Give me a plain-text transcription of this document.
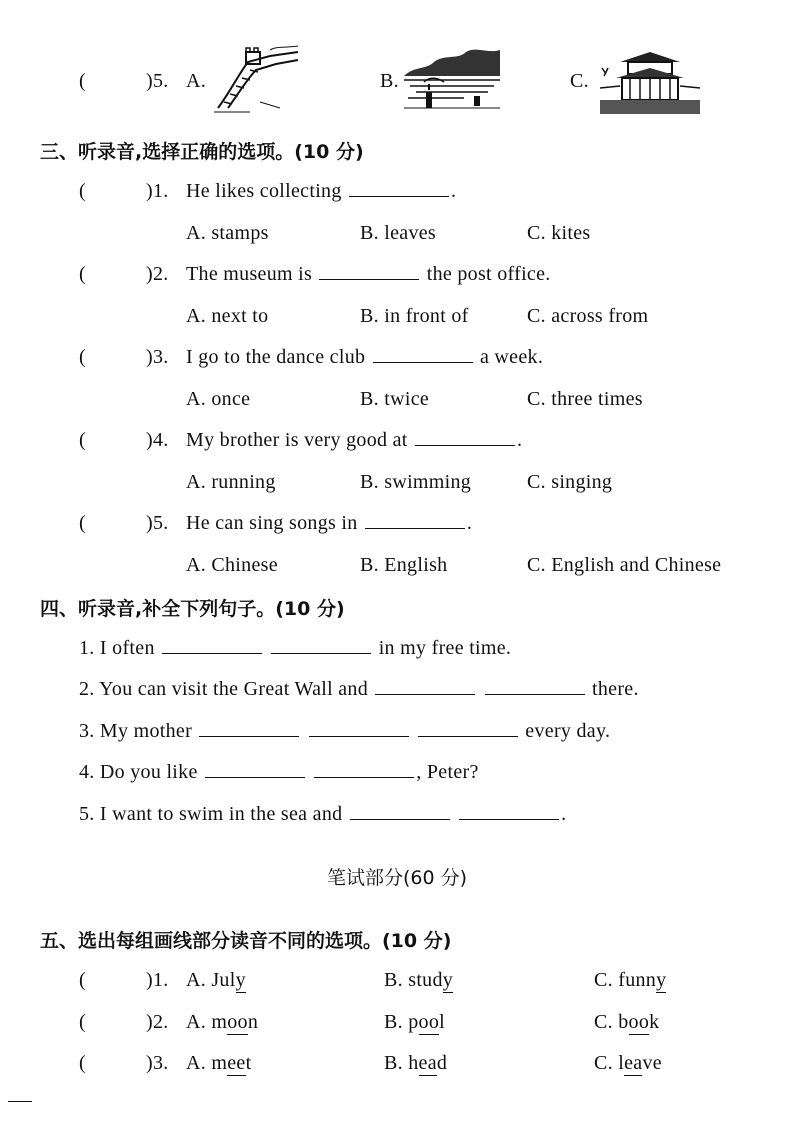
(	)5. A.	B.	C.
三、听录音,选择正确的选项。(10 分)
(	)1. He likes collecting	.
A. stamps	B. leaves	C. kites
(	)2. The museum is	the post office.
A. next to	B. in front of	C. across from
(	)3. I go to the dance club	a week.
A. once	B. twice	C. three times
(	)4. My brother is very good at	.
A. running	B. swimming	C. singing
(	)5. He can sing songs in	.
A. Chinese	B. English	C. English and Chinese
四、听录音,补全下列句子。(10 分)
1. I often	in my free time.
2. You can visit the Great Wall and	there.
3. My mother	every day.
4. Do you like	, Peter?
5. I want to swim in the sea and	.
笔试部分(60 分)
五、选出每组画线部分读音不同的选项。(10 分)
(	)1. A. July	B. study	C. funny
(	)2. A. moon	B. pool	C. book
(	)3. A. meet	B. head	C. leave
